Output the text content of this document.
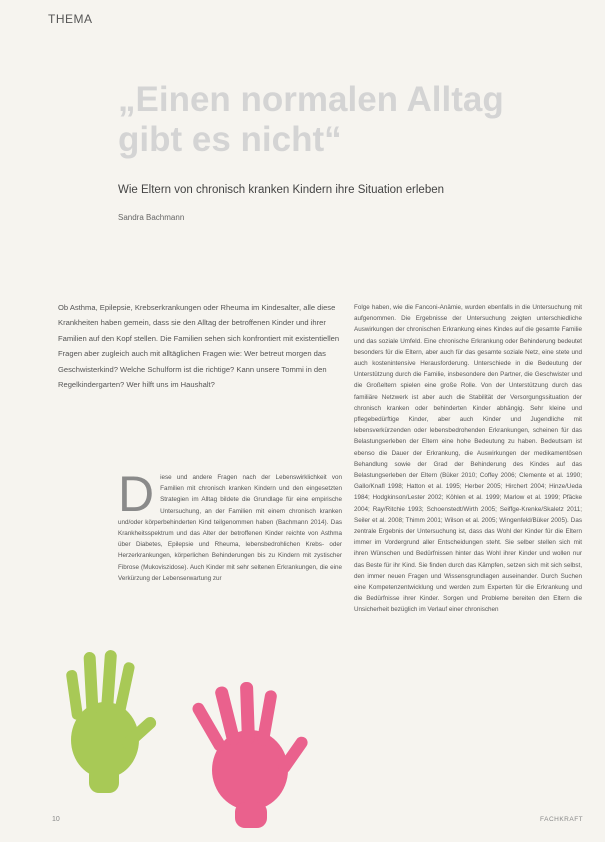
THEMA
„Einen normalen Alltag gibt es nicht“

Wie Eltern von chronisch kranken Kindern ihre Situation erleben

Sandra Bachmann

Ob Asthma, Epilepsie, Krebserkrankungen oder Rheuma im Kindesalter, alle diese Krankheiten haben gemein, dass sie den Alltag der betroffenen Kinder und ihrer Familien auf den Kopf stellen. Die Familien sehen sich konfrontiert mit existentiellen Fragen aber zugleich auch mit alltäglichen Fragen wie: Wer betreut morgen das Geschwisterkind? Welche Schulform ist die richtige? Kann unsere Tommi in den Regelkindergarten? Wer hilft uns im Haushalt?

Diese und andere Fragen nach der Lebenswirklichkeit von Familien mit chronisch kranken Kindern und den eingesetzten Strategien im Alltag bildete die Grundlage für eine empirische Untersuchung, an der Familien mit einem chronisch kranken und/oder körperbehinderten Kind teilgenommen haben (Bachmann 2014). Das Krankheitsspektrum und das Alter der betroffenen Kinder reichte von Asthma über Diabetes, Epilepsie und Rheuma, lebensbedrohlichen Krebs- oder Herzerkrankungen, körperlichen Behinderungen bis zu Kindern mit zystischer Fibrose (Mukoviszidose). Auch Kinder mit sehr seltenen Erkrankungen, die eine Verkürzung der Lebenserwartung zur

Folge haben, wie die Fanconi-Anämie, wurden ebenfalls in die Untersuchung mit aufgenommen. Die Ergebnisse der Untersuchung zeigten unterschiedliche Auswirkungen der chronischen Erkrankung eines Kindes auf die gesamte Familie und das soziale Umfeld. Eine chronische Erkrankung oder Behinderung bedeutet besonders für die Eltern, aber auch für das gesamte soziale Netz, eine stete und auch kostenintensive Herausforderung. Unterschiede in die Bedeutung der Unterstützung durch die Familie, insbesondere den Partner, die Geschwister und die Großeltern spielen eine große Rolle. Von der Unterstützung durch das familiäre Netzwerk ist aber auch die Stabilität der Versorgungssituation der chronisch kranken oder behinderten Kinder abhängig. Sehr kleine und pflegebedürftige Kinder, aber auch Kinder und Jugendliche mit lebensverkürzenden oder lebensbedrohenden Erkrankungen, scheinen für das Belastungserleben der Eltern eine hohe Bedeutung zu haben. Bedeutsam ist ebenso die Dauer der Erkrankung, die Auswirkungen der medikamentösen Behandlung sowie der Grad der Behinderung des Kindes auf das Belastungserleben der Eltern (Büker 2010; Coffey 2006; Clemente et al. 1990; Gallo/Knafl 1998; Hatton et al. 1995; Herber 2005; Hirchert 2004; Hinze/Ueda 1984; Hodgkinson/Lester 2002; Köhlen et al. 1999; Marlow et al. 1999; Pfäcke 2004; Ray/Ritchie 1993; Schoenstedt/Wirth 2005; Seiffge-Krenke/Skaletz 2011; Seiler et al. 2008; Thimm 2001; Wilson et al. 2005; Wingenfeld/Büker 2005). Das zentrale Ergebnis der Untersuchung ist, dass das Wohl der Kinder für die Eltern immer im Vordergrund aller Entscheidungen steht. Sie selber stellen sich mit ihren Wünschen und Bedürfnissen hinter das Wohl ihrer Kinder und wollen nur das Beste für ihr Kind. Sie finden durch das Kämpfen, setzen sich mit sich selbst, den immer neuen Fragen und Wissensgrundlagen auseinander. Durch Suchen eine Kompetenzentwicklung und werden zum Experten für die Erkrankung und die Bedürfnisse ihrer Kinder. Sorgen und Probleme bereiten den Eltern die Unsicherheit bezüglich im Verlauf einer chronischen

10	FACHKRAFT
